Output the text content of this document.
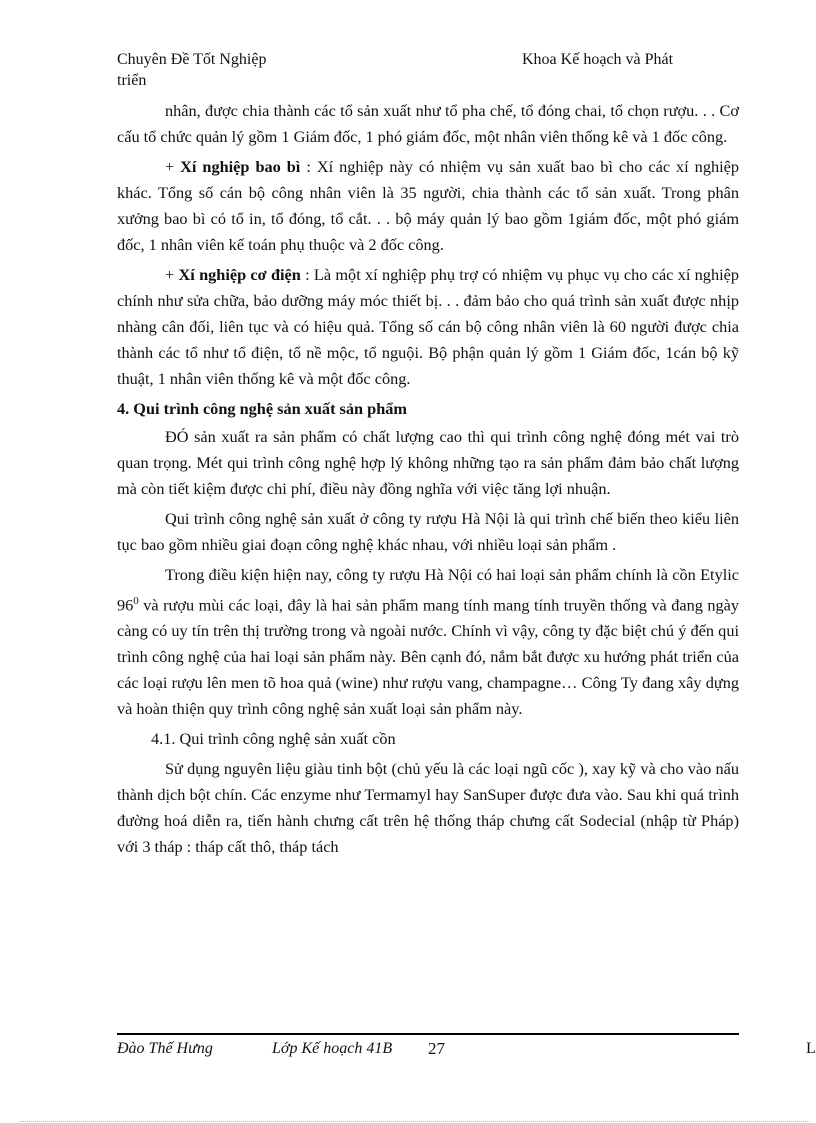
Chuyên Đề Tốt Nghiệp	Khoa Kế hoạch và Phát
triển

nhân, được chia thành các tổ sản xuất như tổ pha chế, tổ đóng chai, tổ chọn rượu. . . Cơ cấu tổ chức quản lý gồm 1 Giám đốc, 1 phó giám đốc, một nhân viên thống kê và 1 đốc công.

+ Xí nghiệp bao bì : Xí nghiệp này có nhiệm vụ sản xuất bao bì cho các xí nghiệp khác. Tổng số cán bộ công nhân viên là 35 người, chia thành các tổ sản xuất. Trong phân xưởng bao bì có tổ in, tổ đóng, tổ cắt. . . bộ máy quản lý bao gồm 1giám đốc, một phó giám đốc, 1 nhân viên kế toán phụ thuộc và 2 đốc công.

+ Xí nghiệp cơ điện : Là một xí nghiệp phụ trợ có nhiệm vụ phục vụ cho các xí nghiệp chính như sửa chữa, bảo dưỡng máy móc thiết bị. . . đảm bảo cho quá trình sản xuất được nhịp nhàng cân đối, liên tục và có hiệu quả. Tổng số cán bộ công nhân viên là 60 người được chia thành các tổ như tổ điện, tổ nề mộc, tổ nguội. Bộ phận quản lý gồm 1 Giám đốc, 1cán bộ kỹ thuật, 1 nhân viên thống kê và một đốc công.

4. Qui trình công nghệ sản xuất sản phẩm

ĐÓ sản xuất ra sản phẩm có chất lượng cao thì qui trình công nghệ đóng mét vai trò quan trọng. Mét qui trình công nghệ hợp lý không những tạo ra sản phẩm đảm bảo chất lượng mà còn tiết kiệm được chi phí, điều này đồng nghĩa với việc tăng lợi nhuận.

Qui trình công nghệ sản xuất ở công ty rượu Hà Nội là qui trình chế biến theo kiểu liên tục bao gồm nhiều giai đoạn công nghệ khác nhau, với nhiều loại sản phẩm .

Trong điều kiện hiện nay, công ty rượu Hà Nội có hai loại sản phẩm chính là cồn Etylic $96^0$ và rượu mùi các loại, đây là hai sản phẩm mang tính mang tính truyền thống và đang ngày càng có uy tín trên thị trường trong và ngoài nước. Chính vì vậy, công ty đặc biệt chú ý đến qui trình công nghệ của hai loại sản phẩm này. Bên cạnh đó, nắm bắt được xu hướng phát triển của các loại rượu lên men tõ hoa quả (wine) như rượu vang, champagne… Công Ty đang xây dựng và hoàn thiện quy trình công nghệ sản xuất loại sản phẩm này.

4.1. Qui trình công nghệ sản xuất cồn

Sử dụng nguyên liệu giàu tinh bột (chủ yếu là các loại ngũ cốc ), xay kỹ và cho vào nấu thành dịch bột chín. Các enzyme như Termamyl hay SanSuper được đưa vào. Sau khi quá trình đường hoá diễn ra, tiến hành chưng cất trên hệ thống tháp chưng cất Sodecial (nhập từ Pháp) với 3 tháp : tháp cất thô, tháp tách

Đào Thế Hưng	Lớp Kế hoạch 41B 27	L
